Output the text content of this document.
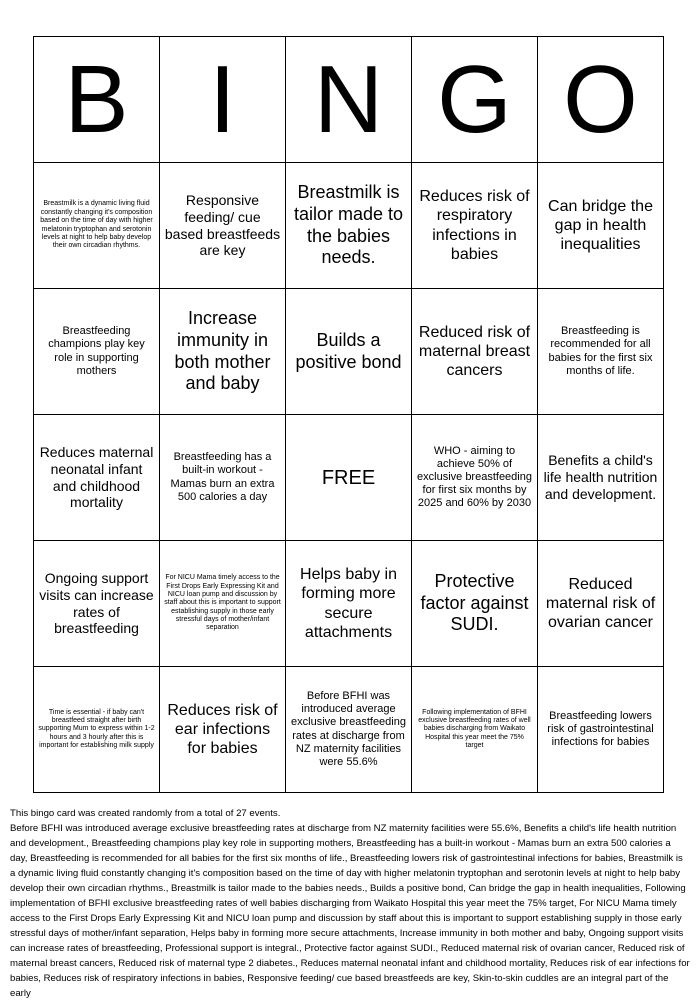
B	I	N	G	O

Breastmilk is a dynamic living fluid constantly changing it's composition based on the time of day with higher melatonin tryptophan and serotonin levels at night to help baby develop their own circadian rhythms.	Responsive feeding/ cue based breastfeeds are key	Breastmilk is tailor made to the babies needs.	Reduces risk of respiratory infections in babies	Can bridge the gap in health inequalities

Breastfeeding champions play key role in supporting mothers	Increase immunity in both mother and baby	Builds a positive bond	Reduced risk of maternal breast cancers	Breastfeeding is recommended for all babies for the first six months of life.

Reduces maternal neonatal infant and childhood mortality	Breastfeeding has a built-in workout - Mamas burn an extra 500 calories a day	FREE	WHO - aiming to achieve 50% of exclusive breastfeeding for first six months by 2025 and 60% by 2030	Benefits a child's life health nutrition and development.

Ongoing support visits can increase rates of breastfeeding	For NICU Mama timely access to the First Drops Early Expressing Kit and NICU loan pump and discussion by staff about this is important to support establishing supply in those early stressful days of mother/infant separation	Helps baby in forming more secure attachments	Protective factor against SUDI.	Reduced maternal risk of ovarian cancer

Time is essential - if baby can't breastfeed straight after birth supporting Mum to express within 1-2 hours and 3 hourly after this is important for establishing milk supply	Reduces risk of ear infections for babies	Before BFHI was introduced average exclusive breastfeeding rates at discharge from NZ maternity facilities were 55.6%	Following implementation of BFHI exclusive breastfeeding rates of well babies discharging from Waikato Hospital this year meet the 75% target	Breastfeeding lowers risk of gastrointestinal infections for babies

This bingo card was created randomly from a total of 27 events.

Before BFHI was introduced average exclusive breastfeeding rates at discharge from NZ maternity facilities were 55.6%, Benefits a child's life health nutrition and development., Breastfeeding champions play key role in supporting mothers, Breastfeeding has a built-in workout - Mamas burn an extra 500 calories a day, Breastfeeding is recommended for all babies for the first six months of life., Breastfeeding lowers risk of gastrointestinal infections for babies, Breastmilk is a dynamic living fluid constantly changing it's composition based on the time of day with higher melatonin tryptophan and serotonin levels at night to help baby develop their own circadian rhythms., Breastmilk is tailor made to the babies needs., Builds a positive bond, Can bridge the gap in health inequalities, Following implementation of BFHI exclusive breastfeeding rates of well babies discharging from Waikato Hospital this year meet the 75% target, For NICU Mama timely access to the First Drops Early Expressing Kit and NICU loan pump and discussion by staff about this is important to support establishing supply in those early stressful days of mother/infant separation, Helps baby in forming more secure attachments, Increase immunity in both mother and baby, Ongoing support visits can increase rates of breastfeeding, Professional support is integral., Protective factor against SUDI., Reduced maternal risk of ovarian cancer, Reduced risk of maternal breast cancers, Reduced risk of maternal type 2 diabetes., Reduces maternal neonatal infant and childhood mortality, Reduces risk of ear infections for babies, Reduces risk of respiratory infections in babies, Responsive feeding/ cue based breastfeeds are key, Skin-to-skin cuddles are an integral part of the early
